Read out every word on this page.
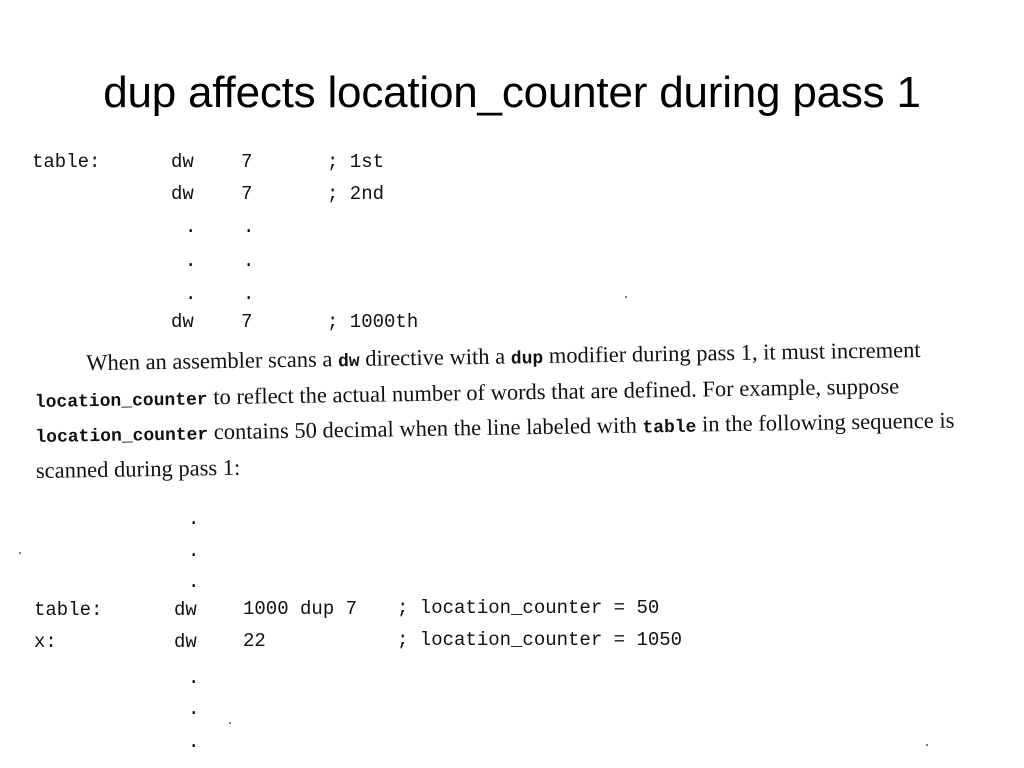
dup affects location_counter during pass 1
table:	dw 7	; 1st
dw 7	; 2nd
. .
. .
. .
dw 7	; 1000th
When an assembler scans a dw directive with a dup modifier during pass 1, it must increment location_counter to reflect the actual number of words that are defined. For example, suppose location_counter contains 50 decimal when the line labeled with table in the following sequence is scanned during pass 1:
.
.
.
table:	dw 1000 dup 7 ; location_counter = 50
x:	dw 22	; location_counter = 1050
.
.
.
